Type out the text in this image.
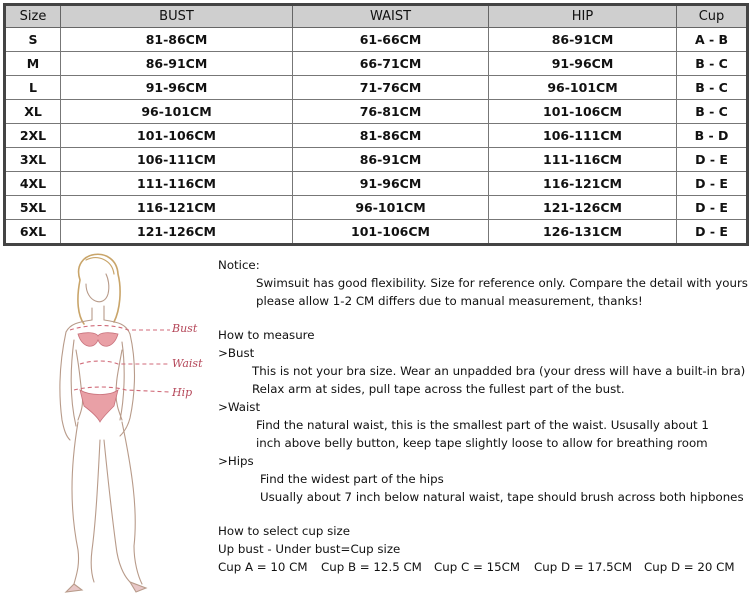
Size	BUST	WAIST	HIP	Cup
S	81-86CM	61-66CM	86-91CM	A - B
M	86-91CM	66-71CM	91-96CM	B - C
L	91-96CM	71-76CM	96-101CM	B - C
XL	96-101CM	76-81CM	101-106CM	B - C
2XL	101-106CM	81-86CM	106-111CM	B - D
3XL	106-111CM	86-91CM	111-116CM	D - E
4XL	111-116CM	91-96CM	116-121CM	D - E
5XL	116-121CM	96-101CM	121-126CM	D - E
6XL	121-126CM	101-106CM	126-131CM	D - E
Bust
Waist
Hip
Notice:
Swimsuit has good flexibility. Size for reference only. Compare the detail with yours
please allow 1-2 CM differs due to manual measurement, thanks!
How to measure
>Bust
This is not your bra size. Wear an unpadded bra (your dress will have a built-in bra)
Relax arm at sides, pull tape across the fullest part of the bust.
>Waist
Find the natural waist, this is the smallest part of the waist. Ususally about 1
inch above belly button, keep tape slightly loose to allow for breathing room
>Hips
Find the widest part of the hips
Usually about 7 inch below natural waist, tape should brush across both hipbones
How to select cup size
Up bust - Under bust=Cup size
Cup A = 10 CM	Cup B = 12.5 CM	Cup C = 15CM	Cup D = 17.5CM	Cup D = 20 CM
